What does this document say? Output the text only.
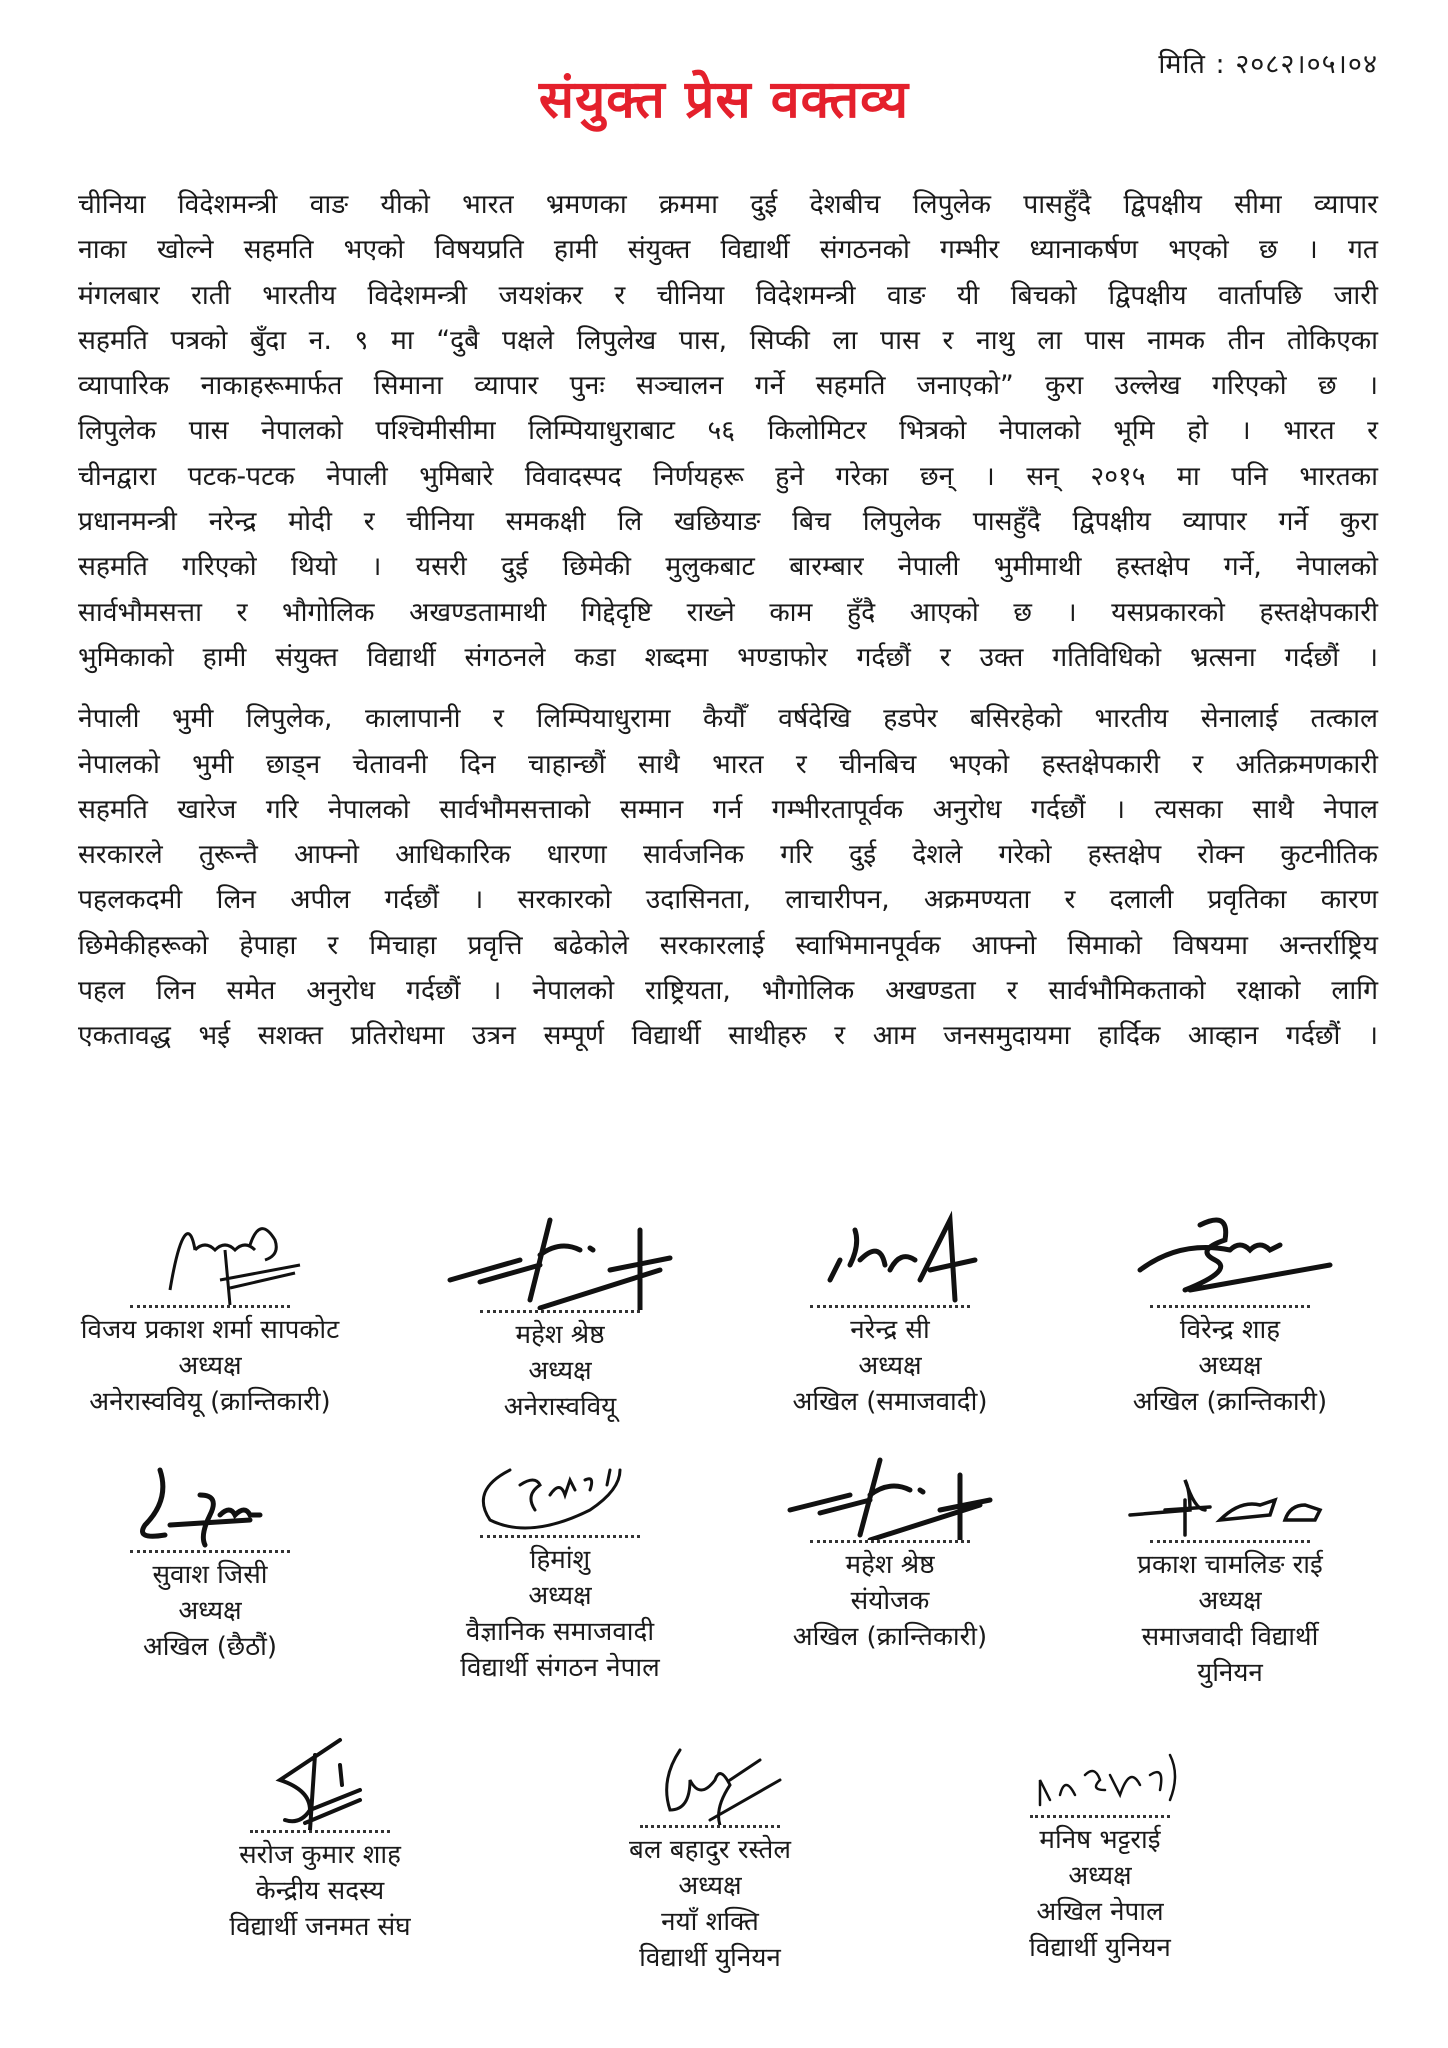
मिति : २०८२।०५।०४
संयुक्त प्रेस वक्तव्य

चीनिया विदेशमन्त्री वाङ यीको भारत भ्रमणका क्रममा दुई देशबीच लिपुलेक पासहुँदै द्विपक्षीय सीमा व्यापार
नाका खोल्ने सहमति भएको विषयप्रति हामी संयुक्त विद्यार्थी संगठनको गम्भीर ध्यानाकर्षण भएको छ । गत
मंगलबार राती भारतीय विदेशमन्त्री जयशंकर र चीनिया विदेशमन्त्री वाङ यी बिचको द्विपक्षीय वार्तापछि जारी
सहमति पत्रको बुँदा न. ९ मा “दुबै पक्षले लिपुलेख पास, सिप्की ला पास र नाथु ला पास नामक तीन तोकिएका
व्यापारिक नाकाहरूमार्फत सिमाना व्यापार पुनः सञ्चालन गर्ने सहमति जनाएको” कुरा उल्लेख गरिएको छ ।
लिपुलेक पास नेपालको पश्चिमीसीमा लिम्पियाधुराबाट ५६ किलोमिटर भित्रको नेपालको भूमि हो । भारत र
चीनद्वारा पटक-पटक नेपाली भुमिबारे विवादस्पद निर्णयहरू हुने गरेका छन् । सन् २०१५ मा पनि भारतका
प्रधानमन्त्री नरेन्द्र मोदी र चीनिया समकक्षी लि खछियाङ बिच लिपुलेक पासहुँदै द्विपक्षीय व्यापार गर्ने कुरा
सहमति गरिएको थियो । यसरी दुई छिमेकी मुलुकबाट बारम्बार नेपाली भुमीमाथी हस्तक्षेप गर्ने, नेपालको
सार्वभौमसत्ता र भौगोलिक अखण्डतामाथी गिद्देदृष्टि राख्ने काम हुँदै आएको छ । यसप्रकारको हस्तक्षेपकारी
भुमिकाको हामी संयुक्त विद्यार्थी संगठनले कडा शब्दमा भण्डाफोर गर्दछौं र उक्त गतिविधिको भ्रत्सना गर्दछौं ।

नेपाली भुमी लिपुलेक, कालापानी र लिम्पियाधुरामा कैयौँ वर्षदेखि हडपेर बसिरहेको भारतीय सेनालाई तत्काल
नेपालको भुमी छाड्न चेतावनी दिन चाहान्छौं साथै भारत र चीनबिच भएको हस्तक्षेपकारी र अतिक्रमणकारी
सहमति खारेज गरि नेपालको सार्वभौमसत्ताको सम्मान गर्न गम्भीरतापूर्वक अनुरोध गर्दछौं । त्यसका साथै नेपाल
सरकारले तुरून्तै आफ्नो आधिकारिक धारणा सार्वजनिक गरि दुई देशले गरेको हस्तक्षेप रोक्न कुटनीतिक
पहलकदमी लिन अपील गर्दछौं । सरकारको उदासिनता, लाचारीपन, अक्रमण्यता र दलाली प्रवृतिका कारण
छिमेकीहरूको हेपाहा र मिचाहा प्रवृत्ति बढेकोले सरकारलाई स्वाभिमानपूर्वक आफ्नो सिमाको विषयमा अन्तर्राष्ट्रिय
पहल लिन समेत अनुरोध गर्दछौं । नेपालको राष्ट्रियता, भौगोलिक अखण्डता र सार्वभौमिकताको रक्षाको लागि
एकतावद्ध भई सशक्त प्रतिरोधमा उत्रन सम्पूर्ण विद्यार्थी साथीहरु र आम जनसमुदायमा हार्दिक आव्हान गर्दछौं ।

विजय प्रकाश शर्मा सापकोट
अध्यक्ष
अनेरास्ववियू (क्रान्तिकारी)
महेश श्रेष्ठ
अध्यक्ष
अनेरास्ववियू
नरेन्द्र सी
अध्यक्ष
अखिल (समाजवादी)
विरेन्द्र शाह
अध्यक्ष
अखिल (क्रान्तिकारी)
सुवाश जिसी
अध्यक्ष
अखिल (छैठौं)
हिमांशु
अध्यक्ष
वैज्ञानिक समाजवादी
विद्यार्थी संगठन नेपाल
महेश श्रेष्ठ
संयोजक
अखिल (क्रान्तिकारी)
प्रकाश चामलिङ राई
अध्यक्ष
समाजवादी विद्यार्थी
युनियन
सरोज कुमार शाह
केन्द्रीय सदस्य
विद्यार्थी जनमत संघ
बल बहादुर रस्तेल
अध्यक्ष
नयाँ शक्ति
विद्यार्थी युनियन
मनिष भट्टराई
अध्यक्ष
अखिल नेपाल
विद्यार्थी युनियन
